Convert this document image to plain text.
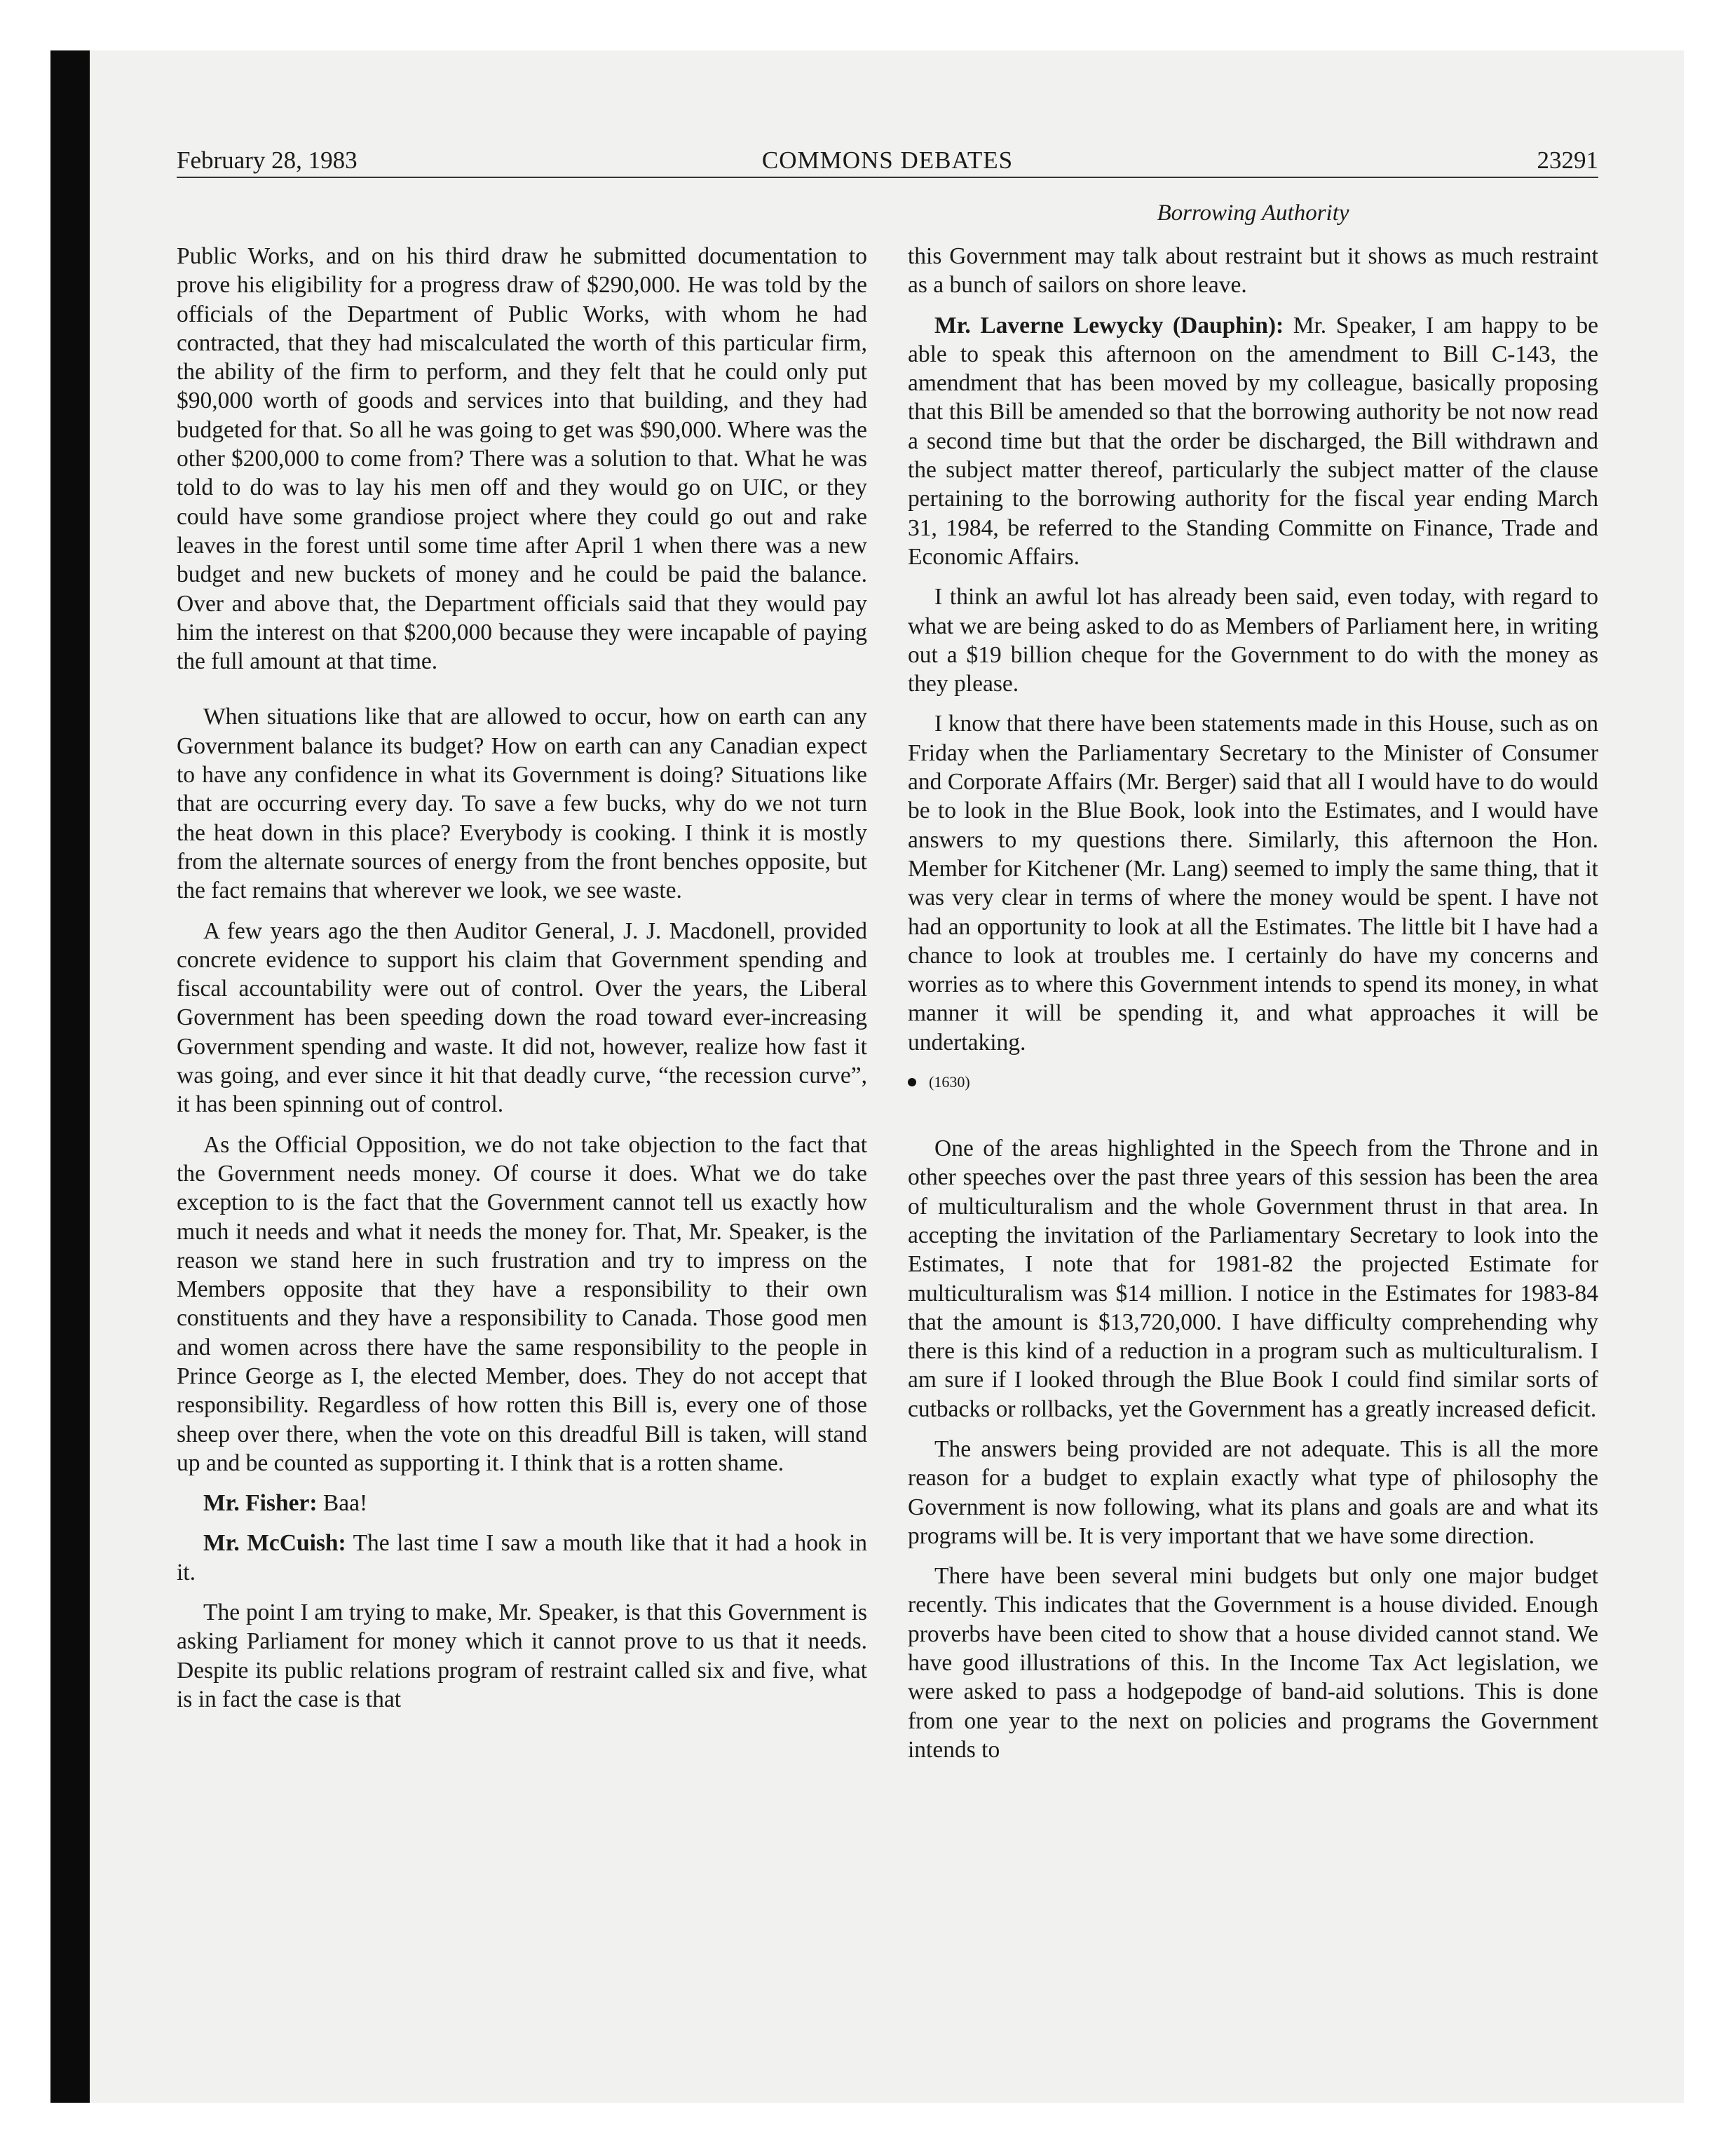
February 28, 1983	COMMONS DEBATES	23291
Borrowing Authority

Public Works, and on his third draw he submitted documentation to prove his eligibility for a progress draw of $290,000. He was told by the officials of the Department of Public Works, with whom he had contracted, that they had miscalculated the worth of this particular firm, the ability of the firm to perform, and they felt that he could only put $90,000 worth of goods and services into that building, and they had budgeted for that. So all he was going to get was $90,000. Where was the other $200,000 to come from? There was a solution to that. What he was told to do was to lay his men off and they would go on UIC, or they could have some grandiose project where they could go out and rake leaves in the forest until some time after April 1 when there was a new budget and new buckets of money and he could be paid the balance. Over and above that, the Department officials said that they would pay him the interest on that $200,000 because they were incapable of paying the full amount at that time.

When situations like that are allowed to occur, how on earth can any Government balance its budget? How on earth can any Canadian expect to have any confidence in what its Government is doing? Situations like that are occurring every day. To save a few bucks, why do we not turn the heat down in this place? Everybody is cooking. I think it is mostly from the alternate sources of energy from the front benches opposite, but the fact remains that wherever we look, we see waste.

A few years ago the then Auditor General, J. J. Macdonell, provided concrete evidence to support his claim that Government spending and fiscal accountability were out of control. Over the years, the Liberal Government has been speeding down the road toward ever-increasing Government spending and waste. It did not, however, realize how fast it was going, and ever since it hit that deadly curve, “the recession curve”, it has been spinning out of control.

As the Official Opposition, we do not take objection to the fact that the Government needs money. Of course it does. What we do take exception to is the fact that the Government cannot tell us exactly how much it needs and what it needs the money for. That, Mr. Speaker, is the reason we stand here in such frustration and try to impress on the Members opposite that they have a responsibility to their own constituents and they have a responsibility to Canada. Those good men and women across there have the same responsibility to the people in Prince George as I, the elected Member, does. They do not accept that responsibility. Regardless of how rotten this Bill is, every one of those sheep over there, when the vote on this dreadful Bill is taken, will stand up and be counted as supporting it. I think that is a rotten shame.

Mr. Fisher: Baa!

Mr. McCuish: The last time I saw a mouth like that it had a hook in it.

The point I am trying to make, Mr. Speaker, is that this Government is asking Parliament for money which it cannot prove to us that it needs. Despite its public relations program of restraint called six and five, what is in fact the case is that

this Government may talk about restraint but it shows as much restraint as a bunch of sailors on shore leave.

Mr. Laverne Lewycky (Dauphin): Mr. Speaker, I am happy to be able to speak this afternoon on the amendment to Bill C-143, the amendment that has been moved by my colleague, basically proposing that this Bill be amended so that the borrowing authority be not now read a second time but that the order be discharged, the Bill withdrawn and the subject matter thereof, particularly the subject matter of the clause pertaining to the borrowing authority for the fiscal year ending March 31, 1984, be referred to the Standing Committe on Finance, Trade and Economic Affairs.

I think an awful lot has already been said, even today, with regard to what we are being asked to do as Members of Parliament here, in writing out a $19 billion cheque for the Government to do with the money as they please.

I know that there have been statements made in this House, such as on Friday when the Parliamentary Secretary to the Minister of Consumer and Corporate Affairs (Mr. Berger) said that all I would have to do would be to look in the Blue Book, look into the Estimates, and I would have answers to my questions there. Similarly, this afternoon the Hon. Member for Kitchener (Mr. Lang) seemed to imply the same thing, that it was very clear in terms of where the money would be spent. I have not had an opportunity to look at all the Estimates. The little bit I have had a chance to look at troubles me. I certainly do have my concerns and worries as to where this Government intends to spend its money, in what manner it will be spending it, and what approaches it will be undertaking.

(1630)

One of the areas highlighted in the Speech from the Throne and in other speeches over the past three years of this session has been the area of multiculturalism and the whole Government thrust in that area. In accepting the invitation of the Parliamentary Secretary to look into the Estimates, I note that for 1981-82 the projected Estimate for multiculturalism was $14 million. I notice in the Estimates for 1983-84 that the amount is $13,720,000. I have difficulty comprehending why there is this kind of a reduction in a program such as multiculturalism. I am sure if I looked through the Blue Book I could find similar sorts of cutbacks or rollbacks, yet the Government has a greatly increased deficit.

The answers being provided are not adequate. This is all the more reason for a budget to explain exactly what type of philosophy the Government is now following, what its plans and goals are and what its programs will be. It is very important that we have some direction.

There have been several mini budgets but only one major budget recently. This indicates that the Government is a house divided. Enough proverbs have been cited to show that a house divided cannot stand. We have good illustrations of this. In the Income Tax Act legislation, we were asked to pass a hodgepodge of band-aid solutions. This is done from one year to the next on policies and programs the Government intends to
